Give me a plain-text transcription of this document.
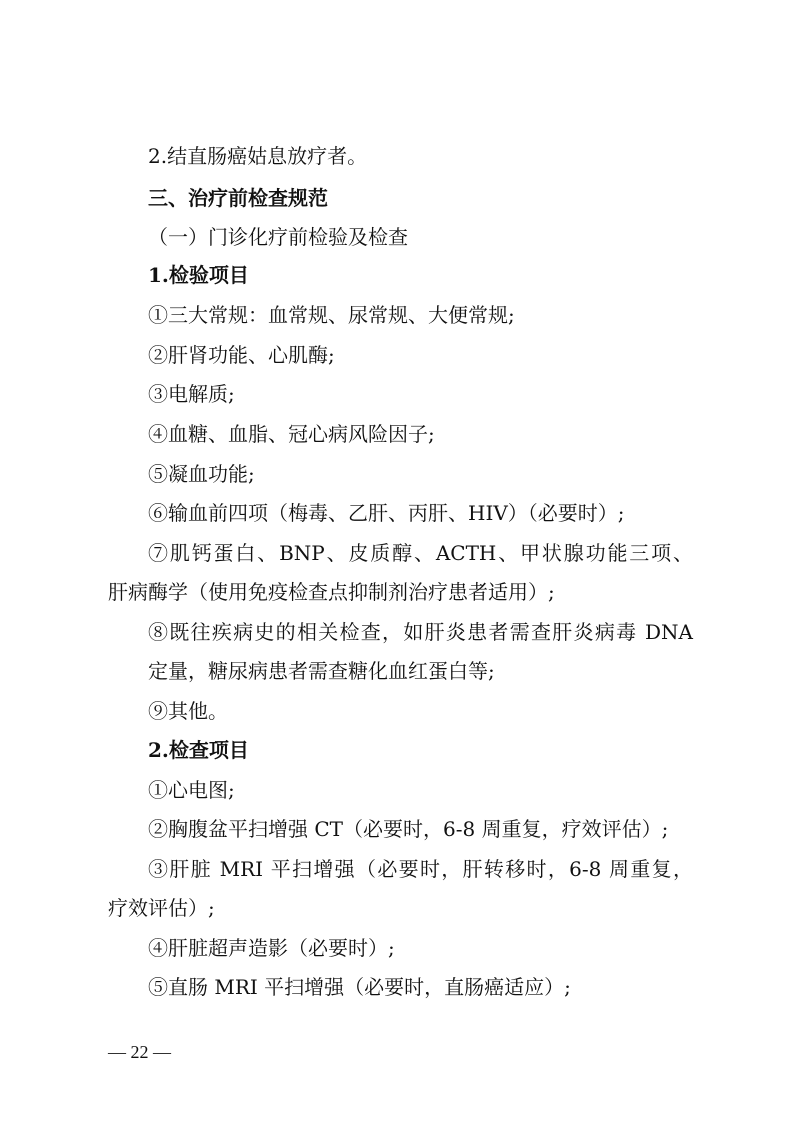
2.结直肠癌姑息放疗者。
三、治疗前检查规范
（一）门诊化疗前检验及检查
1.检验项目
①三大常规：血常规、尿常规、大便常规;
②肝肾功能、心肌酶;
③电解质;
④血糖、血脂、冠心病风险因子;
⑤凝血功能;
⑥输血前四项（梅毒、乙肝、丙肝、HIV）（必要时）;
⑦肌钙蛋白、BNP、皮质醇、ACTH、甲状腺功能三项、
肝病酶学（使用免疫检查点抑制剂治疗患者适用）;
⑧既往疾病史的相关检查，如肝炎患者需查肝炎病毒 DNA
定量，糖尿病患者需查糖化血红蛋白等;
⑨其他。
2.检查项目
①心电图;
②胸腹盆平扫增强 CT（必要时，6-8 周重复，疗效评估）;
③肝脏 MRI 平扫增强（必要时，肝转移时，6-8 周重复，
疗效评估）;
④肝脏超声造影（必要时）;
⑤直肠 MRI 平扫增强（必要时，直肠癌适应）;
— 22 —
